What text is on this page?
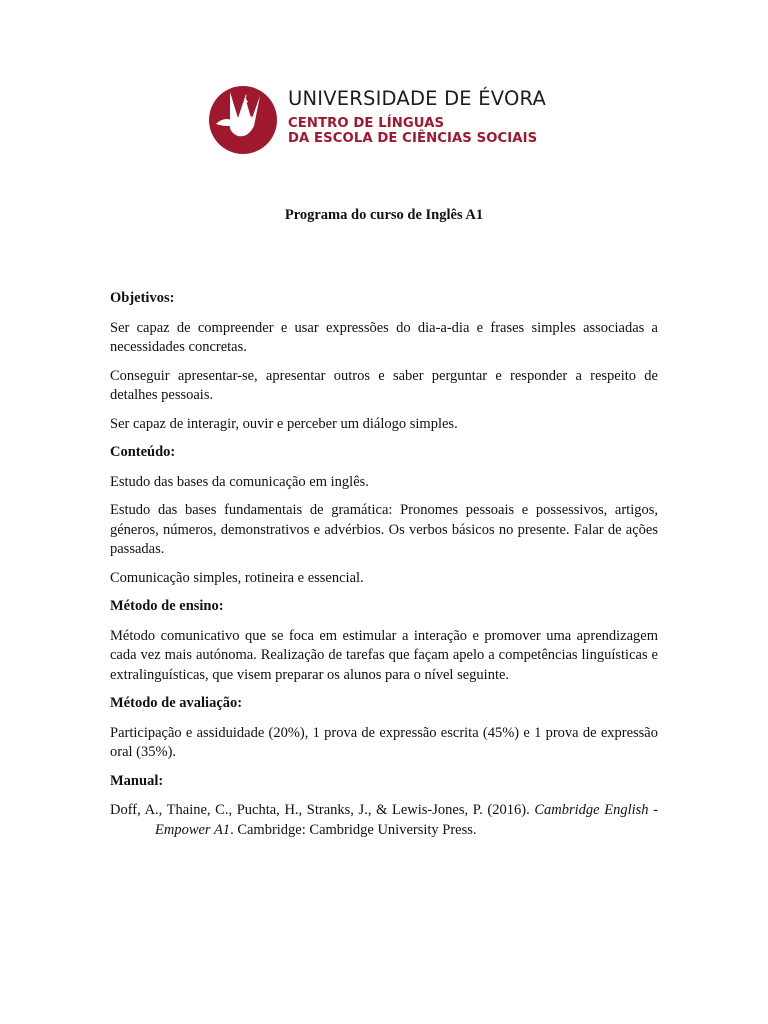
UNIVERSIDADE DE ÉVORA
CENTRO DE LÍNGUAS
DA ESCOLA DE CIÊNCIAS SOCIAIS
Programa do curso de Inglês A1

Objetivos:

Ser capaz de compreender e usar expressões do dia-a-dia e frases simples associadas a necessidades concretas.

Conseguir apresentar-se, apresentar outros e saber perguntar e responder a respeito de detalhes pessoais.

Ser capaz de interagir, ouvir e perceber um diálogo simples.

Conteúdo:

Estudo das bases da comunicação em inglês.

Estudo das bases fundamentais de gramática: Pronomes pessoais e possessivos, artigos, géneros, números, demonstrativos e advérbios. Os verbos básicos no presente. Falar de ações passadas.

Comunicação simples, rotineira e essencial.

Método de ensino:

Método comunicativo que se foca em estimular a interação e promover uma aprendizagem cada vez mais autónoma. Realização de tarefas que façam apelo a competências linguísticas e extralinguísticas, que visem preparar os alunos para o nível seguinte.

Método de avaliação:

Participação e assiduidade (20%), 1 prova de expressão escrita (45%) e 1 prova de expressão oral (35%).

Manual:

Doff, A., Thaine, C., Puchta, H., Stranks, J., & Lewis-Jones, P. (2016). Cambridge English - Empower A1. Cambridge: Cambridge University Press.
